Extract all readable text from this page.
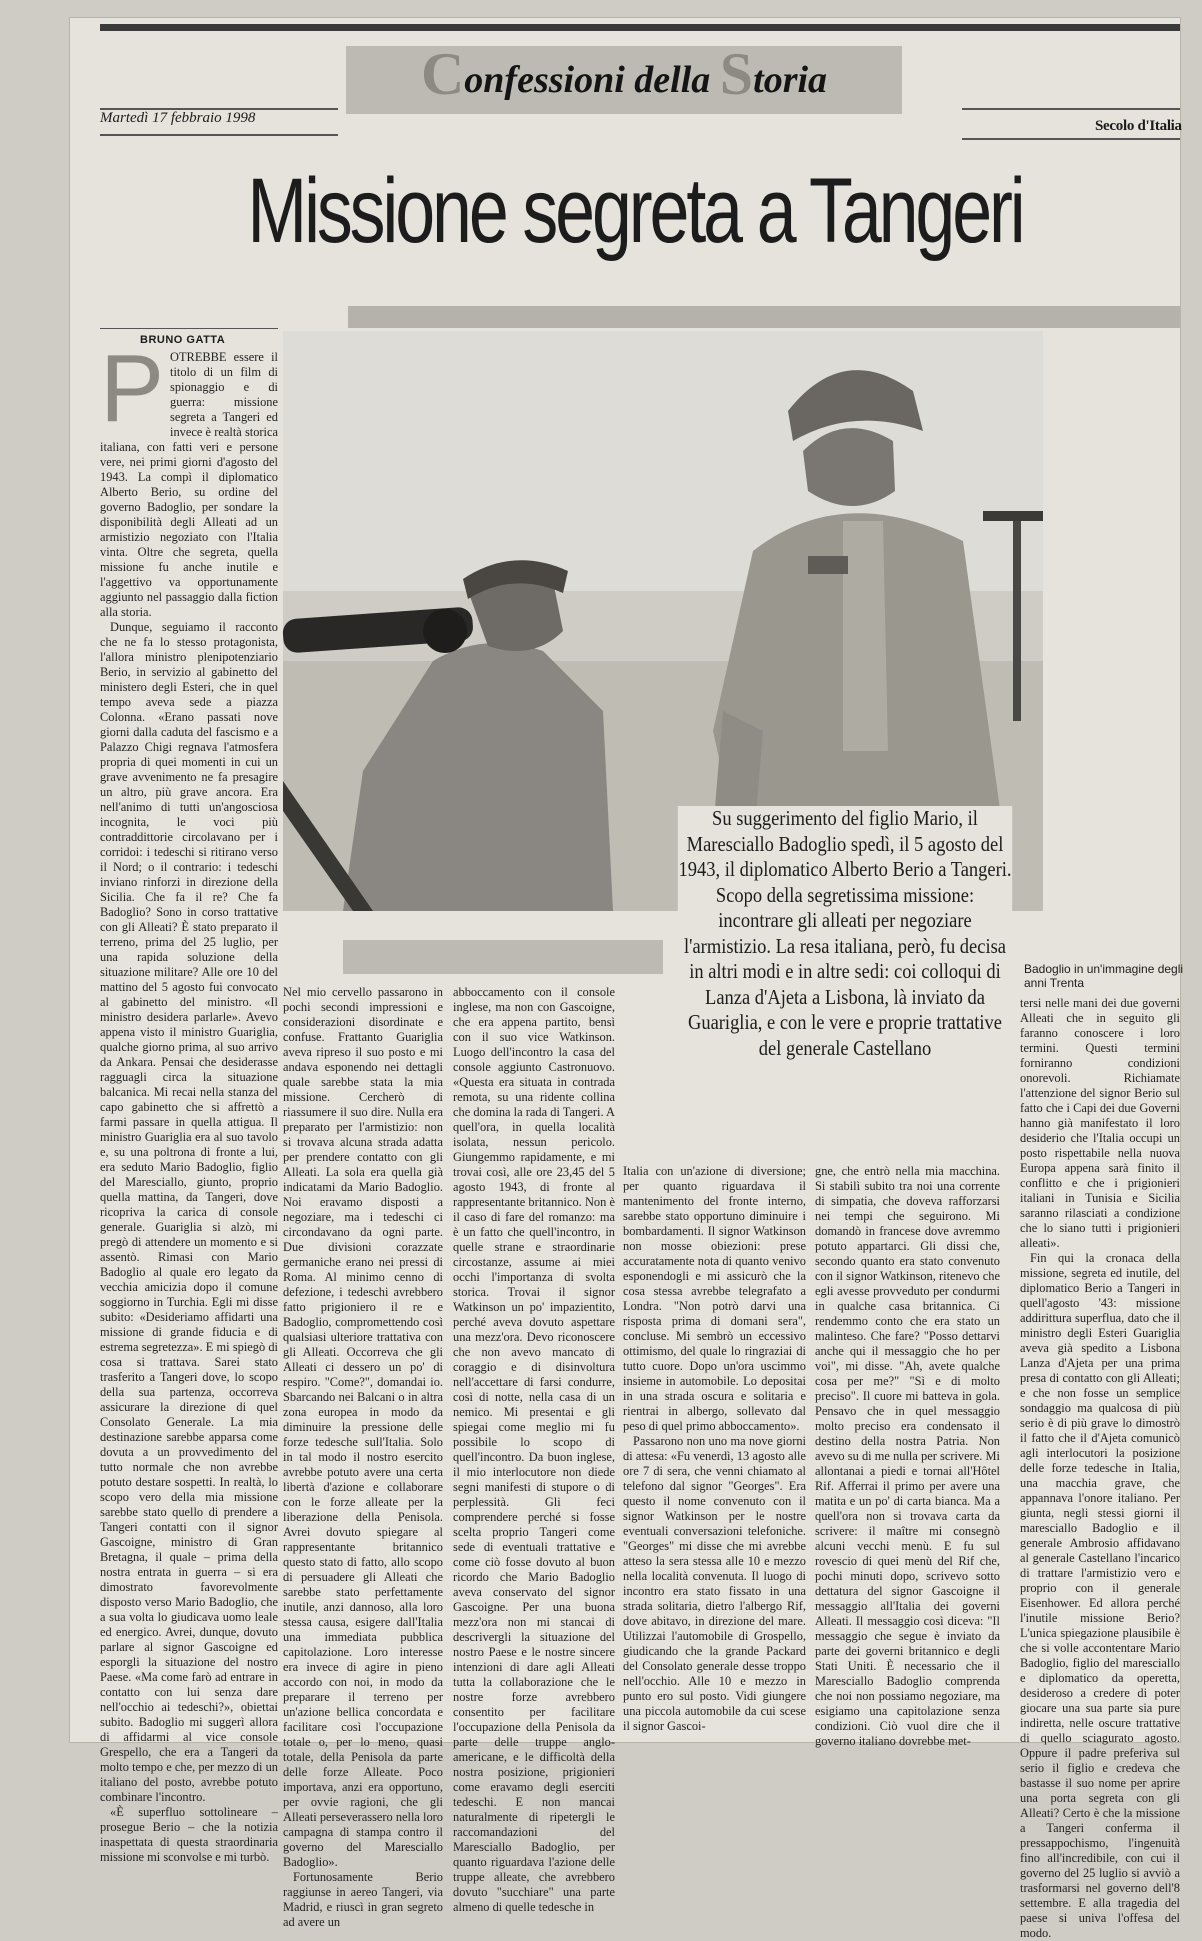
Confessioni della Storia
Martedì 17 febbraio 1998	Secolo d'Italia
Missione segreta a Tangeri
BRUNO GATTA
Badoglio in un'immagine degli anni Trenta
Su suggerimento del figlio Mario, il Maresciallo Badoglio spedì, il 5 agosto del 1943, il diplomatico Alberto Berio a Tangeri. Scopo della segretissima missione: incontrare gli alleati per negoziare l'armistizio. La resa italiana, però, fu decisa in altri modi e in altre sedi: coi colloqui di Lanza d'Ajeta a Lisbona, là inviato da Guariglia, e con le vere e proprie trattative del generale Castellano
P OTREBBE essere il titolo di un film di spionaggio e di guerra: missione segreta a Tangeri ed invece è realtà storica italiana, con fatti veri e persone vere, nei primi giorni d'agosto del 1943. La compì il diplomatico Alberto Berio, su ordine del governo Badoglio, per sondare la disponibilità degli Alleati ad un armistizio negoziato con l'Italia vinta. Oltre che segreta, quella missione fu anche inutile e l'aggettivo va opportunamente aggiunto nel passaggio dalla fiction alla storia.

Dunque, seguiamo il racconto che ne fa lo stesso protagonista, l'allora ministro plenipotenziario Berio, in servizio al gabinetto del ministero degli Esteri, che in quel tempo aveva sede a piazza Colonna. «Erano passati nove giorni dalla caduta del fascismo e a Palazzo Chigi regnava l'atmosfera propria di quei momenti in cui un grave avvenimento ne fa presagire un altro, più grave ancora. Era nell'animo di tutti un'angosciosa incognita, le voci più contraddittorie circolavano per i corridoi: i tedeschi si ritirano verso il Nord; o il contrario: i tedeschi inviano rinforzi in direzione della Sicilia. Che fa il re? Che fa Badoglio? Sono in corso trattative con gli Alleati? È stato preparato il terreno, prima del 25 luglio, per una rapida soluzione della situazione militare? Alle ore 10 del mattino del 5 agosto fui convocato al gabinetto del ministro. «Il ministro desidera parlarle». Avevo appena visto il ministro Guariglia, qualche giorno prima, al suo arrivo da Ankara. Pensai che desiderasse ragguagli circa la situazione balcanica. Mi recai nella stanza del capo gabinetto che si affrettò a farmi passare in quella attigua. Il ministro Guariglia era al suo tavolo e, su una poltrona di fronte a lui, era seduto Mario Badoglio, figlio del Maresciallo, giunto, proprio quella mattina, da Tangeri, dove ricopriva la carica di console generale. Guariglia si alzò, mi pregò di attendere un momento e si assentò. Rimasi con Mario Badoglio al quale ero legato da vecchia amicizia dopo il comune soggiorno in Turchia. Egli mi disse subito: «Desideriamo affidarti una missione di grande fiducia e di estrema segretezza». E mi spiegò di cosa si trattava. Sarei stato trasferito a Tangeri dove, lo scopo della sua partenza, occorreva assicurare la direzione di quel Consolato Generale. La mia destinazione sarebbe apparsa come dovuta a un provvedimento del tutto normale che non avrebbe potuto destare sospetti. In realtà, lo scopo vero della mia missione sarebbe stato quello di prendere a Tangeri contatti con il signor Gascoigne, ministro di Gran Bretagna, il quale – prima della nostra entrata in guerra – si era dimostrato favorevolmente disposto verso Mario Badoglio, che a sua volta lo giudicava uomo leale ed energico. Avrei, dunque, dovuto parlare al signor Gascoigne ed esporgli la situazione del nostro Paese. «Ma come farò ad entrare in contatto con lui senza dare nell'occhio ai tedeschi?», obiettai subito. Badoglio mi suggerì allora di affidarmi al vice console Grespello, che era a Tangeri da molto tempo e che, per mezzo di un italiano del posto, avrebbe potuto combinare l'incontro.

«È superfluo sottolineare – prosegue Berio – che la notizia inaspettata di questa straordinaria missione mi sconvolse e mi turbò.

Nel mio cervello passarono in pochi secondi impressioni e considerazioni disordinate e confuse. Frattanto Guariglia aveva ripreso il suo posto e mi andava esponendo nei dettagli quale sarebbe stata la mia missione. Cercherò di riassumere il suo dire. Nulla era preparato per l'armistizio: non si trovava alcuna strada adatta per prendere contatto con gli Alleati. La sola era quella già indicatami da Mario Badoglio. Noi eravamo disposti a negoziare, ma i tedeschi ci circondavano da ogni parte. Due divisioni corazzate germaniche erano nei pressi di Roma. Al minimo cenno di defezione, i tedeschi avrebbero fatto prigioniero il re e Badoglio, compromettendo così qualsiasi ulteriore trattativa con gli Alleati. Occorreva che gli Alleati ci dessero un po' di respiro. "Come?", domandai io. Sbarcando nei Balcani o in altra zona europea in modo da diminuire la pressione delle forze tedesche sull'Italia. Solo in tal modo il nostro esercito avrebbe potuto avere una certa libertà d'azione e collaborare con le forze alleate per la liberazione della Penisola. Avrei dovuto spiegare al rappresentante britannico questo stato di fatto, allo scopo di persuadere gli Alleati che sarebbe stato perfettamente inutile, anzi dannoso, alla loro stessa causa, esigere dall'Italia una immediata pubblica capitolazione. Loro interesse era invece di agire in pieno accordo con noi, in modo da preparare il terreno per un'azione bellica concordata e facilitare così l'occupazione totale o, per lo meno, quasi totale, della Penisola da parte delle forze Alleate. Poco importava, anzi era opportuno, per ovvie ragioni, che gli Alleati perseverassero nella loro campagna di stampa contro il governo del Maresciallo Badoglio».

Fortunosamente Berio raggiunse in aereo Tangeri, via Madrid, e riuscì in gran segreto ad avere un

abboccamento con il console inglese, ma non con Gascoigne, che era appena partito, bensì con il suo vice Watkinson. Luogo dell'incontro la casa del console aggiunto Castronuovo. «Questa era situata in contrada remota, su una ridente collina che domina la rada di Tangeri. A quell'ora, in quella località isolata, nessun pericolo. Giungemmo rapidamente, e mi trovai così, alle ore 23,45 del 5 agosto 1943, di fronte al rappresentante britannico. Non è il caso di fare del romanzo: ma è un fatto che quell'incontro, in quelle strane e straordinarie circostanze, assume ai miei occhi l'importanza di svolta storica. Trovai il signor Watkinson un po' impazientito, perché aveva dovuto aspettare una mezz'ora. Devo riconoscere che non avevo mancato di coraggio e di disinvoltura nell'accettare di farsi condurre, così di notte, nella casa di un nemico. Mi presentai e gli spiegai come meglio mi fu possibile lo scopo di quell'incontro. Da buon inglese, il mio interlocutore non diede segni manifesti di stupore o di perplessità. Gli feci comprendere perché si fosse scelta proprio Tangeri come sede di eventuali trattative e come ciò fosse dovuto al buon ricordo che Mario Badoglio aveva conservato del signor Gascoigne. Per una buona mezz'ora non mi stancai di descrivergli la situazione del nostro Paese e le nostre sincere intenzioni di dare agli Alleati tutta la collaborazione che le nostre forze avrebbero consentito per facilitare l'occupazione della Penisola da parte delle truppe anglo-americane, e le difficoltà della nostra posizione, prigionieri come eravamo degli eserciti tedeschi. E non mancai naturalmente di ripetergli le raccomandazioni del Maresciallo Badoglio, per quanto riguardava l'azione delle truppe alleate, che avrebbero dovuto "succhiare" una parte almeno di quelle tedesche in

Italia con un'azione di diversione; per quanto riguardava il mantenimento del fronte interno, sarebbe stato opportuno diminuire i bombardamenti. Il signor Watkinson non mosse obiezioni: prese accuratamente nota di quanto venivo esponendogli e mi assicurò che la cosa stessa avrebbe telegrafato a Londra. "Non potrò darvi una risposta prima di domani sera", concluse. Mi sembrò un eccessivo ottimismo, del quale lo ringraziai di tutto cuore. Dopo un'ora uscimmo insieme in automobile. Lo depositai in una strada oscura e solitaria e rientrai in albergo, sollevato dal peso di quel primo abboccamento».

Passarono non uno ma nove giorni di attesa: «Fu venerdì, 13 agosto alle ore 7 di sera, che venni chiamato al telefono dal signor "Georges". Era questo il nome convenuto con il signor Watkinson per le nostre eventuali conversazioni telefoniche. "Georges" mi disse che mi avrebbe atteso la sera stessa alle 10 e mezzo nella località convenuta. Il luogo di incontro era stato fissato in una strada solitaria, dietro l'albergo Rif, dove abitavo, in direzione del mare. Utilizzai l'automobile di Grospello, giudicando che la grande Packard del Consolato generale desse troppo nell'occhio. Alle 10 e mezzo in punto ero sul posto. Vidi giungere una piccola automobile da cui scese il signor Gascoi-

gne, che entrò nella mia macchina. Si stabilì subito tra noi una corrente di simpatia, che doveva rafforzarsi nei tempi che seguirono. Mi domandò in francese dove avremmo potuto appartarci. Gli dissi che, secondo quanto era stato convenuto con il signor Watkinson, ritenevo che egli avesse provveduto per condurmi in qualche casa britannica. Ci rendemmo conto che era stato un malinteso. Che fare? "Posso dettarvi anche qui il messaggio che ho per voi", mi disse. "Ah, avete qualche cosa per me?" "Sì e di molto preciso". Il cuore mi batteva in gola. Pensavo che in quel messaggio molto preciso era condensato il destino della nostra Patria. Non avevo su di me nulla per scrivere. Mi allontanai a piedi e tornai all'Hôtel Rif. Afferrai il primo per avere una matita e un po' di carta bianca. Ma a quell'ora non si trovava carta da scrivere: il maître mi consegnò alcuni vecchi menù. E fu sul rovescio di quei menù del Rif che, pochi minuti dopo, scrivevo sotto dettatura del signor Gascoigne il messaggio all'Italia dei governi Alleati. Il messaggio così diceva: "Il messaggio che segue è inviato da parte dei governi britannico e degli Stati Uniti. È necessario che il Maresciallo Badoglio comprenda che noi non possiamo negoziare, ma esigiamo una capitolazione senza condizioni. Ciò vuol dire che il governo italiano dovrebbe met-

tersi nelle mani dei due governi Alleati che in seguito gli faranno conoscere i loro termini. Questi termini forniranno condizioni onorevoli. Richiamate l'attenzione del signor Berio sul fatto che i Capi dei due Governi hanno già manifestato il loro desiderio che l'Italia occupi un posto rispettabile nella nuova Europa appena sarà finito il conflitto e che i prigionieri italiani in Tunisia e Sicilia saranno rilasciati a condizione che lo siano tutti i prigionieri alleati».

Fin qui la cronaca della missione, segreta ed inutile, del diplomatico Berio a Tangeri in quell'agosto '43: missione addirittura superflua, dato che il ministro degli Esteri Guariglia aveva già spedito a Lisbona Lanza d'Ajeta per una prima presa di contatto con gli Alleati; e che non fosse un semplice sondaggio ma qualcosa di più serio è di più grave lo dimostrò il fatto che il d'Ajeta comunicò agli interlocutori la posizione delle forze tedesche in Italia, una macchia grave, che appannava l'onore italiano. Per giunta, negli stessi giorni il maresciallo Badoglio e il generale Ambrosio affidavano al generale Castellano l'incarico di trattare l'armistizio vero e proprio con il generale Eisenhower. Ed allora perché l'inutile missione Berio? L'unica spiegazione plausibile è che si volle accontentare Mario Badoglio, figlio del maresciallo e diplomatico da operetta, desideroso a credere di poter giocare una sua parte sia pure indiretta, nelle oscure trattative di quello sciagurato agosto. Oppure il padre preferiva sul serio il figlio e credeva che bastasse il suo nome per aprire una porta segreta con gli Alleati? Certo è che la missione a Tangeri conferma il pressappochismo, l'ingenuità fino all'incredibile, con cui il governo del 25 luglio si avviò a trasformarsi nel governo dell'8 settembre. E alla tragedia del paese si univa l'offesa del modo.
